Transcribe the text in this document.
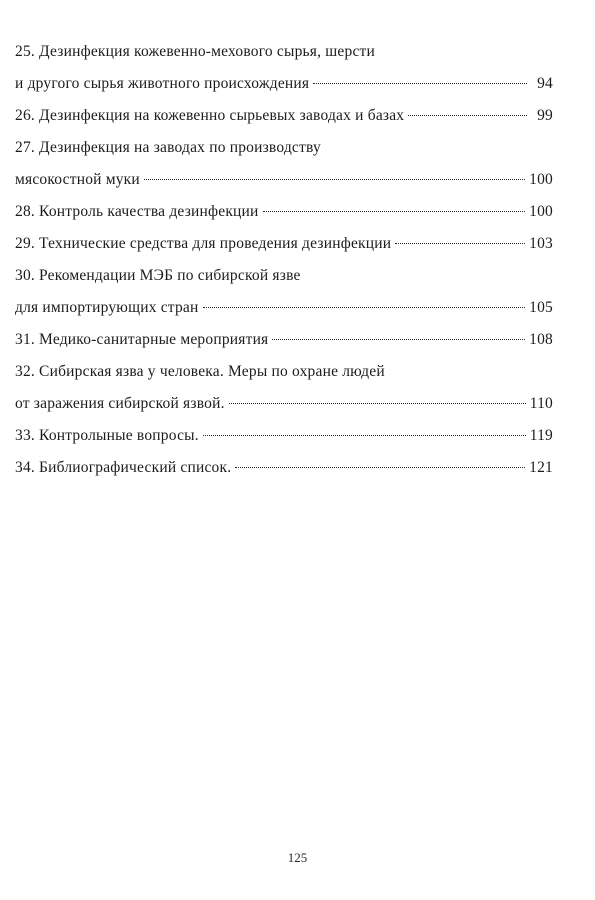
25. Дезинфекция кожевенно-мехового сырья, шерсти
и другого сырья животного происхождения	94
26. Дезинфекция на кожевенно сырьевых заводах и базах	99
27. Дезинфекция на заводах по производству
мясокостной муки	100
28. Контроль качества дезинфекции	100
29. Технические средства для проведения дезинфекции	103
30. Рекомендации МЭБ по сибирской язве
для импортирующих стран	105
31. Медико-санитарные мероприятия	108
32. Сибирская язва у человека. Меры по охране людей
от заражения сибирской язвой.	110
33. Контролыные вопросы.	119
34. Библиографический список.	121
125
